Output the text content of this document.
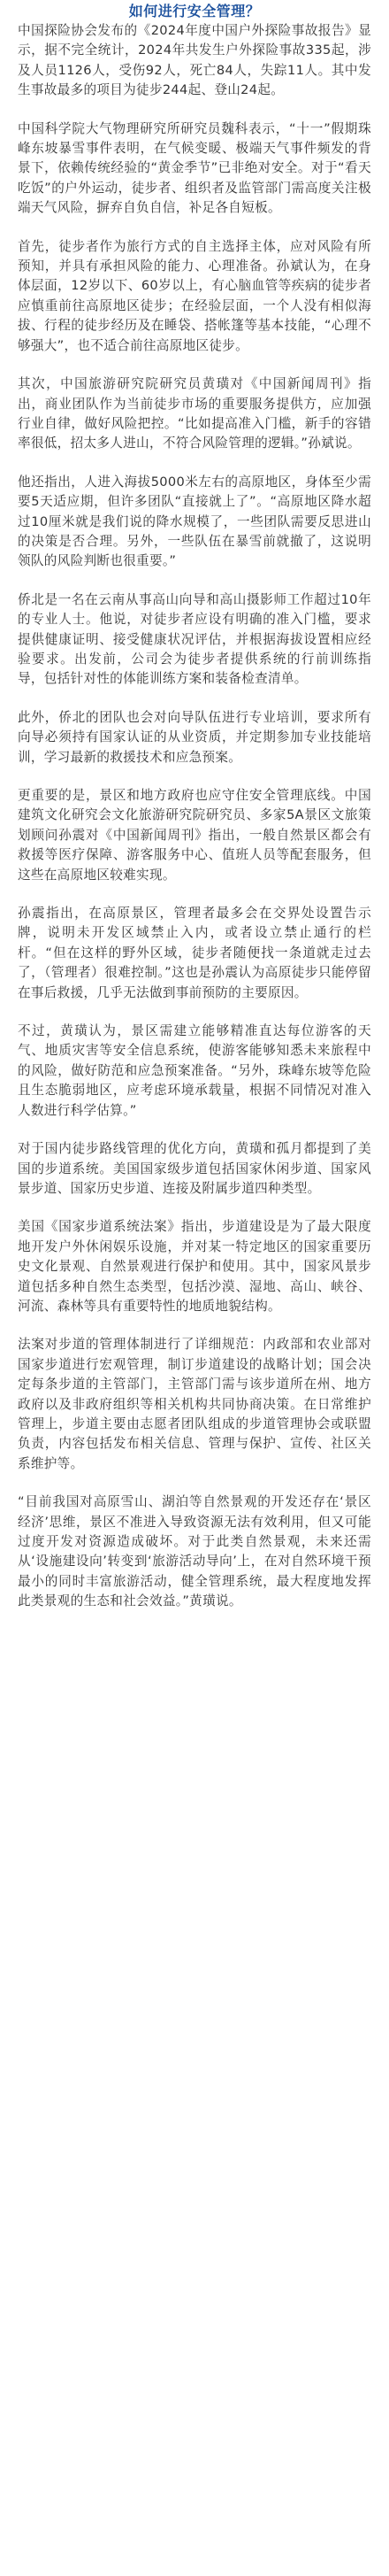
如何进行安全管理？

中国探险协会发布的《2024年度中国户外探险事故报告》显示，据不完全统计，2024年共发生户外探险事故335起，涉及人员1126人，受伤92人，死亡84人，失踪11人。其中发生事故最多的项目为徒步244起、登山24起。

中国科学院大气物理研究所研究员魏科表示，“十一”假期珠峰东坡暴雪事件表明，在气候变暖、极端天气事件频发的背景下，依赖传统经验的“黄金季节”已非绝对安全。对于“看天吃饭”的户外运动，徒步者、组织者及监管部门需高度关注极端天气风险，摒弃自负自信，补足各自短板。

首先，徒步者作为旅行方式的自主选择主体，应对风险有所预知，并具有承担风险的能力、心理准备。孙斌认为，在身体层面，12岁以下、60岁以上，有心脑血管等疾病的徒步者应慎重前往高原地区徒步；在经验层面，一个人没有相似海拔、行程的徒步经历及在睡袋、搭帐篷等基本技能，“心理不够强大”，也不适合前往高原地区徒步。

其次，中国旅游研究院研究员黄璜对《中国新闻周刊》指出，商业团队作为当前徒步市场的重要服务提供方，应加强行业自律，做好风险把控。“比如提高准入门槛，新手的容错率很低，招太多人进山，不符合风险管理的逻辑。”孙斌说。

他还指出，人进入海拔5000米左右的高原地区，身体至少需要5天适应期，但许多团队“直接就上了”。“高原地区降水超过10厘米就是我们说的降水规模了，一些团队需要反思进山的决策是否合理。另外，一些队伍在暴雪前就撤了，这说明领队的风险判断也很重要。”

侨北是一名在云南从事高山向导和高山摄影师工作超过10年的专业人士。他说，对徒步者应设有明确的准入门槛，要求提供健康证明、接受健康状况评估，并根据海拔设置相应经验要求。出发前，公司会为徒步者提供系统的行前训练指导，包括针对性的体能训练方案和装备检查清单。

此外，侨北的团队也会对向导队伍进行专业培训，要求所有向导必须持有国家认证的从业资质，并定期参加专业技能培训，学习最新的救援技术和应急预案。

更重要的是，景区和地方政府也应守住安全管理底线。中国建筑文化研究会文化旅游研究院研究员、多家5A景区文旅策划顾问孙震对《中国新闻周刊》指出，一般自然景区都会有救援等医疗保障、游客服务中心、值班人员等配套服务，但这些在高原地区较难实现。

孙震指出，在高原景区，管理者最多会在交界处设置告示牌，说明未开发区域禁止入内，或者设立禁止通行的栏杆。“但在这样的野外区域，徒步者随便找一条道就走过去了，（管理者）很难控制。”这也是孙震认为高原徒步只能停留在事后救援，几乎无法做到事前预防的主要原因。

不过，黄璜认为，景区需建立能够精准直达每位游客的天气、地质灾害等安全信息系统，使游客能够知悉未来旅程中的风险，做好防范和应急预案准备。“另外，珠峰东坡等危险且生态脆弱地区，应考虑环境承载量，根据不同情况对准入人数进行科学估算。”

对于国内徒步路线管理的优化方向，黄璜和孤月都提到了美国的步道系统。美国国家级步道包括国家休闲步道、国家风景步道、国家历史步道、连接及附属步道四种类型。

美国《国家步道系统法案》指出，步道建设是为了最大限度地开发户外休闲娱乐设施，并对某一特定地区的国家重要历史文化景观、自然景观进行保护和使用。其中，国家风景步道包括多种自然生态类型，包括沙漠、湿地、高山、峡谷、河流、森林等具有重要特性的地质地貌结构。

法案对步道的管理体制进行了详细规范：内政部和农业部对国家步道进行宏观管理，制订步道建设的战略计划；国会决定每条步道的主管部门，主管部门需与该步道所在州、地方政府以及非政府组织等相关机构共同协商决策。在日常维护管理上，步道主要由志愿者团队组成的步道管理协会或联盟负责，内容包括发布相关信息、管理与保护、宣传、社区关系维护等。

“目前我国对高原雪山、湖泊等自然景观的开发还存在‘景区经济’思维，景区不准进入导致资源无法有效利用，但又可能过度开发对资源造成破坏。对于此类自然景观，未来还需从‘设施建设向’转变到‘旅游活动导向’上，在对自然环境干预最小的同时丰富旅游活动，健全管理系统，最大程度地发挥此类景观的生态和社会效益。”黄璜说。
